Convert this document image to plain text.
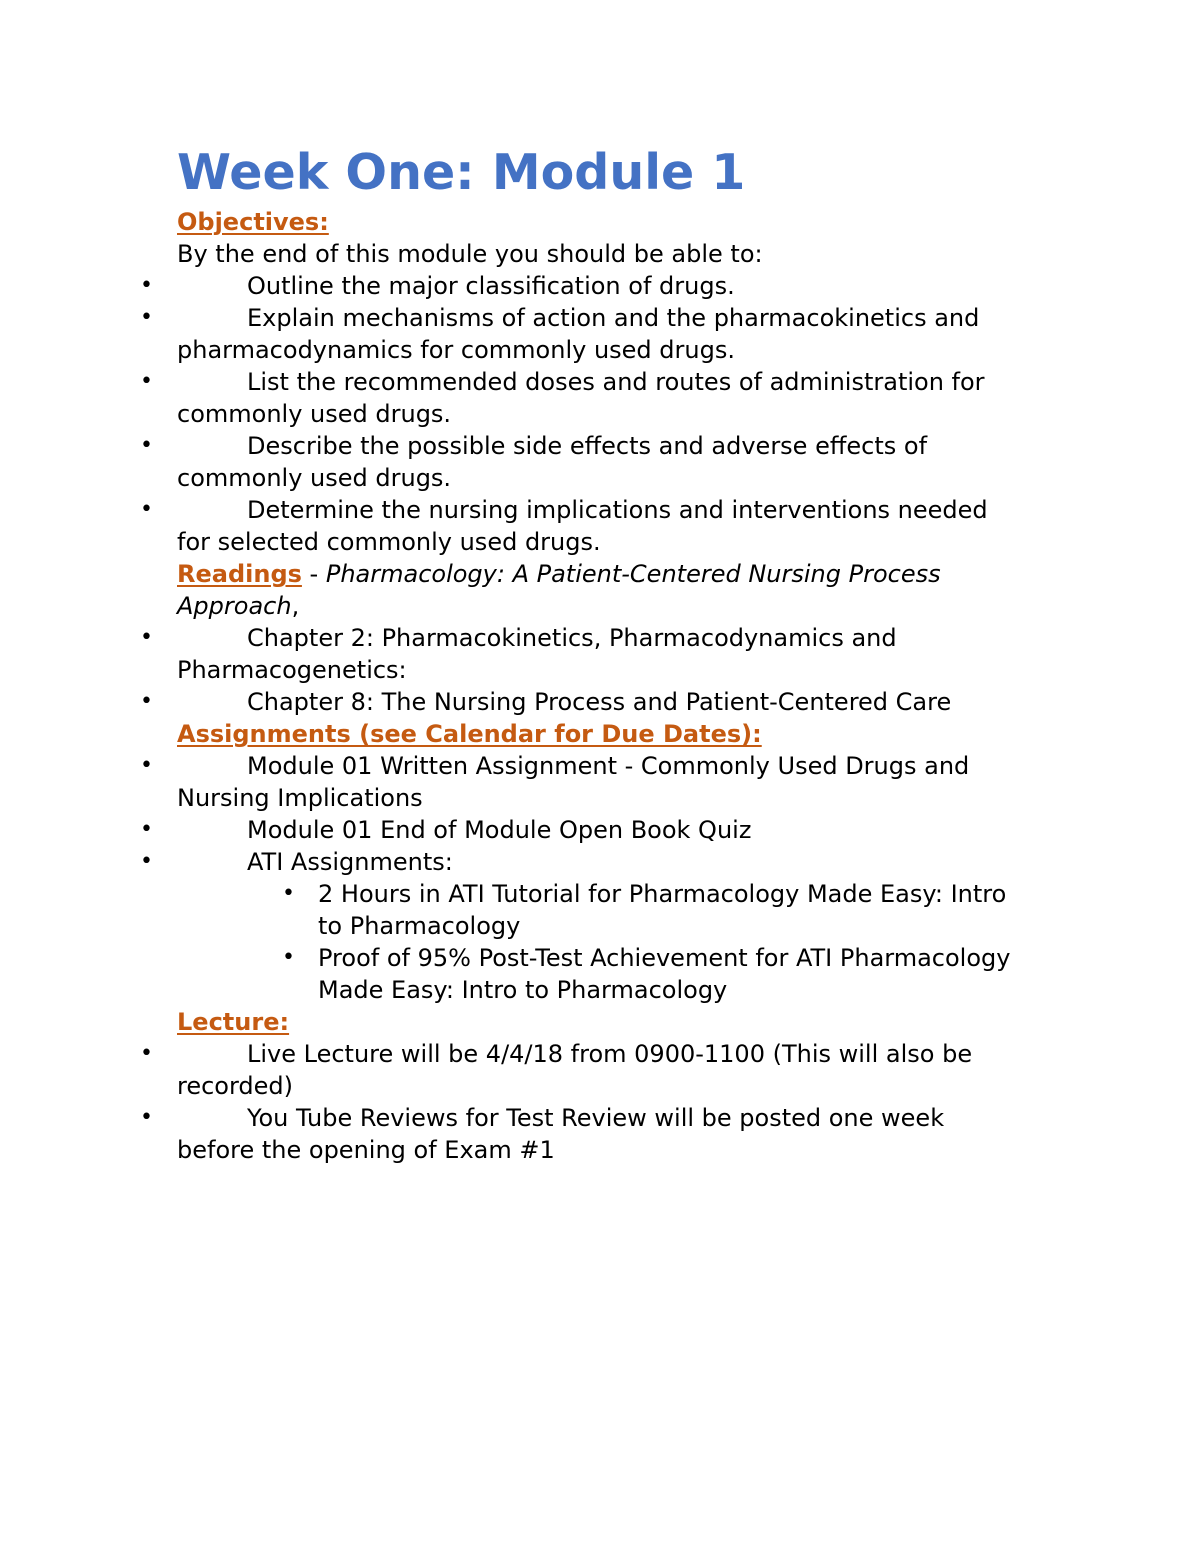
Week One: Module 1

Objectives:

By the end of this module you should be able to:

•	Outline the major classification of drugs.
•	Explain mechanisms of action and the pharmacokinetics and pharmacodynamics for commonly used drugs.
•	List the recommended doses and routes of administration for commonly used drugs.
•	Describe the possible side effects and adverse effects of commonly used drugs.
•	Determine the nursing implications and interventions needed for selected commonly used drugs.

Readings - Pharmacology: A Patient-Centered Nursing Process Approach,

•	Chapter 2: Pharmacokinetics, Pharmacodynamics and Pharmacogenetics:
•	Chapter 8: The Nursing Process and Patient-Centered Care

Assignments (see Calendar for Due Dates):

•	Module 01 Written Assignment - Commonly Used Drugs and Nursing Implications
•	Module 01 End of Module Open Book Quiz
•	ATI Assignments:
• 2 Hours in ATI Tutorial for Pharmacology Made Easy: Intro to Pharmacology
• Proof of 95% Post-Test Achievement for ATI Pharmacology Made Easy: Intro to Pharmacology

Lecture:

•	Live Lecture will be 4/4/18 from 0900-1100 (This will also be recorded)
•	You Tube Reviews for Test Review will be posted one week before the opening of Exam #1
